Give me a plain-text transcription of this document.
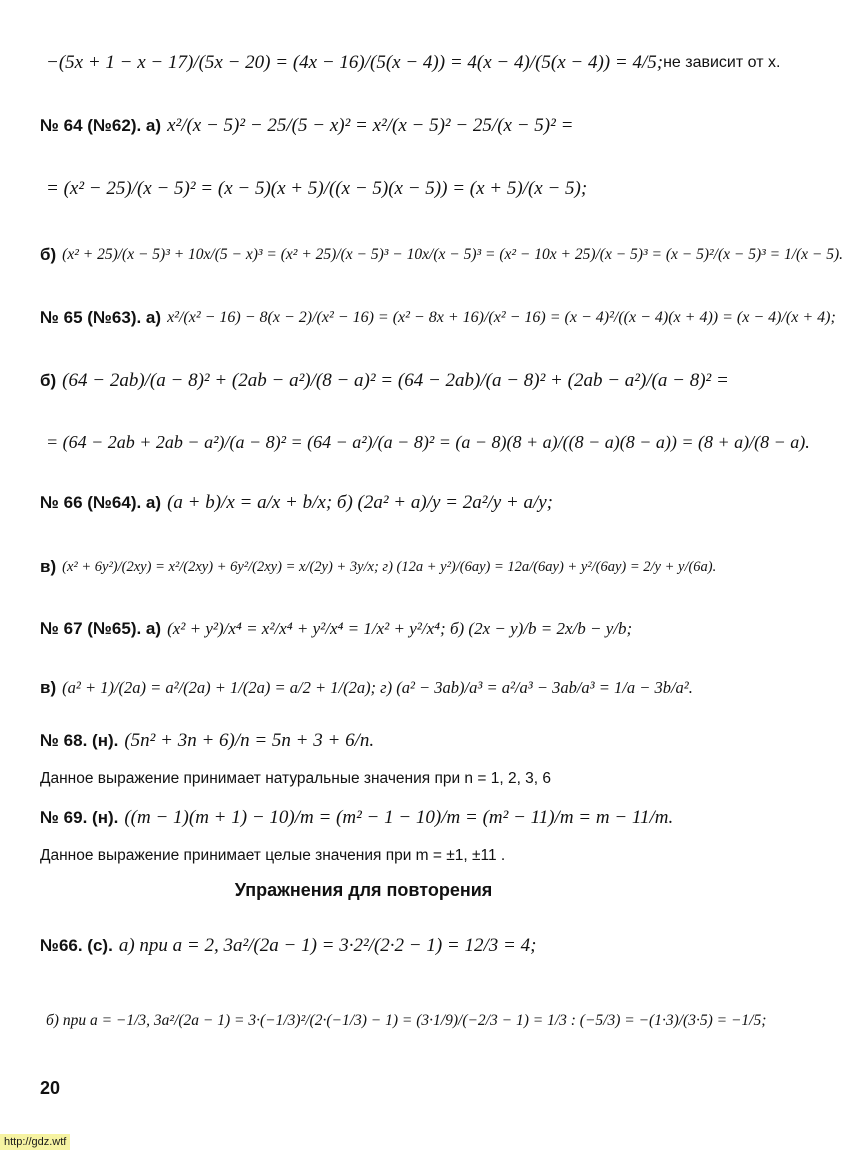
−(5x + 1 − x − 17)/(5x − 20) = (4x − 16)/(5(x − 4)) = 4(x − 4)/(5(x − 4)) = 4/5; не зависит от x.
№ 64 (№62). а) x²/(x − 5)² − 25/(5 − x)² = x²/(x − 5)² − 25/(x − 5)² =
= (x² − 25)/(x − 5)² = (x − 5)(x + 5)/((x − 5)(x − 5)) = (x + 5)/(x − 5);
б) (x² + 25)/(x − 5)³ + 10x/(5 − x)³ = (x² + 25)/(x − 5)³ − 10x/(x − 5)³ = (x² − 10x + 25)/(x − 5)³ = (x − 5)²/(x − 5)³ = 1/(x − 5).
№ 65 (№63). а) x²/(x² − 16) − 8(x − 2)/(x² − 16) = (x² − 8x + 16)/(x² − 16) = (x − 4)²/((x − 4)(x + 4)) = (x − 4)/(x + 4);
б) (64 − 2ab)/(a − 8)² + (2ab − a²)/(8 − a)² = (64 − 2ab)/(a − 8)² + (2ab − a²)/(a − 8)² =
= (64 − 2ab + 2ab − a²)/(a − 8)² = (64 − a²)/(a − 8)² = (a − 8)(8 + a)/((8 − a)(8 − a)) = (8 + a)/(8 − a).
№ 66 (№64). а) (a + b)/x = a/x + b/x; б) (2a² + a)/y = 2a²/y + a/y;
в) (x² + 6y²)/(2xy) = x²/(2xy) + 6y²/(2xy) = x/(2y) + 3y/x; г) (12a + y²)/(6ay) = 12a/(6ay) + y²/(6ay) = 2/y + y/(6a).
№ 67 (№65). а) (x² + y²)/x⁴ = x²/x⁴ + y²/x⁴ = 1/x² + y²/x⁴; б) (2x − y)/b = 2x/b − y/b;
в) (a² + 1)/(2a) = a²/(2a) + 1/(2a) = a/2 + 1/(2a); г) (a² − 3ab)/a³ = a²/a³ − 3ab/a³ = 1/a − 3b/a².
№ 68. (н). (5n² + 3n + 6)/n = 5n + 3 + 6/n.
Данное выражение принимает натуральные значения при n = 1, 2, 3, 6
№ 69. (н). ((m − 1)(m + 1) − 10)/m = (m² − 1 − 10)/m = (m² − 11)/m = m − 11/m.
Данное выражение принимает целые значения при m = ±1, ±11 .
Упражнения для повторения
№66. (с). а) при a = 2, 3a²/(2a − 1) = 3·2²/(2·2 − 1) = 12/3 = 4;
б) при a = −1/3, 3a²/(2a − 1) = 3·(−1/3)²/(2·(−1/3) − 1) = (3·1/9)/(−2/3 − 1) = 1/3 : (−5/3) = −(1·3)/(3·5) = −1/5;
20
http://gdz.wtf
